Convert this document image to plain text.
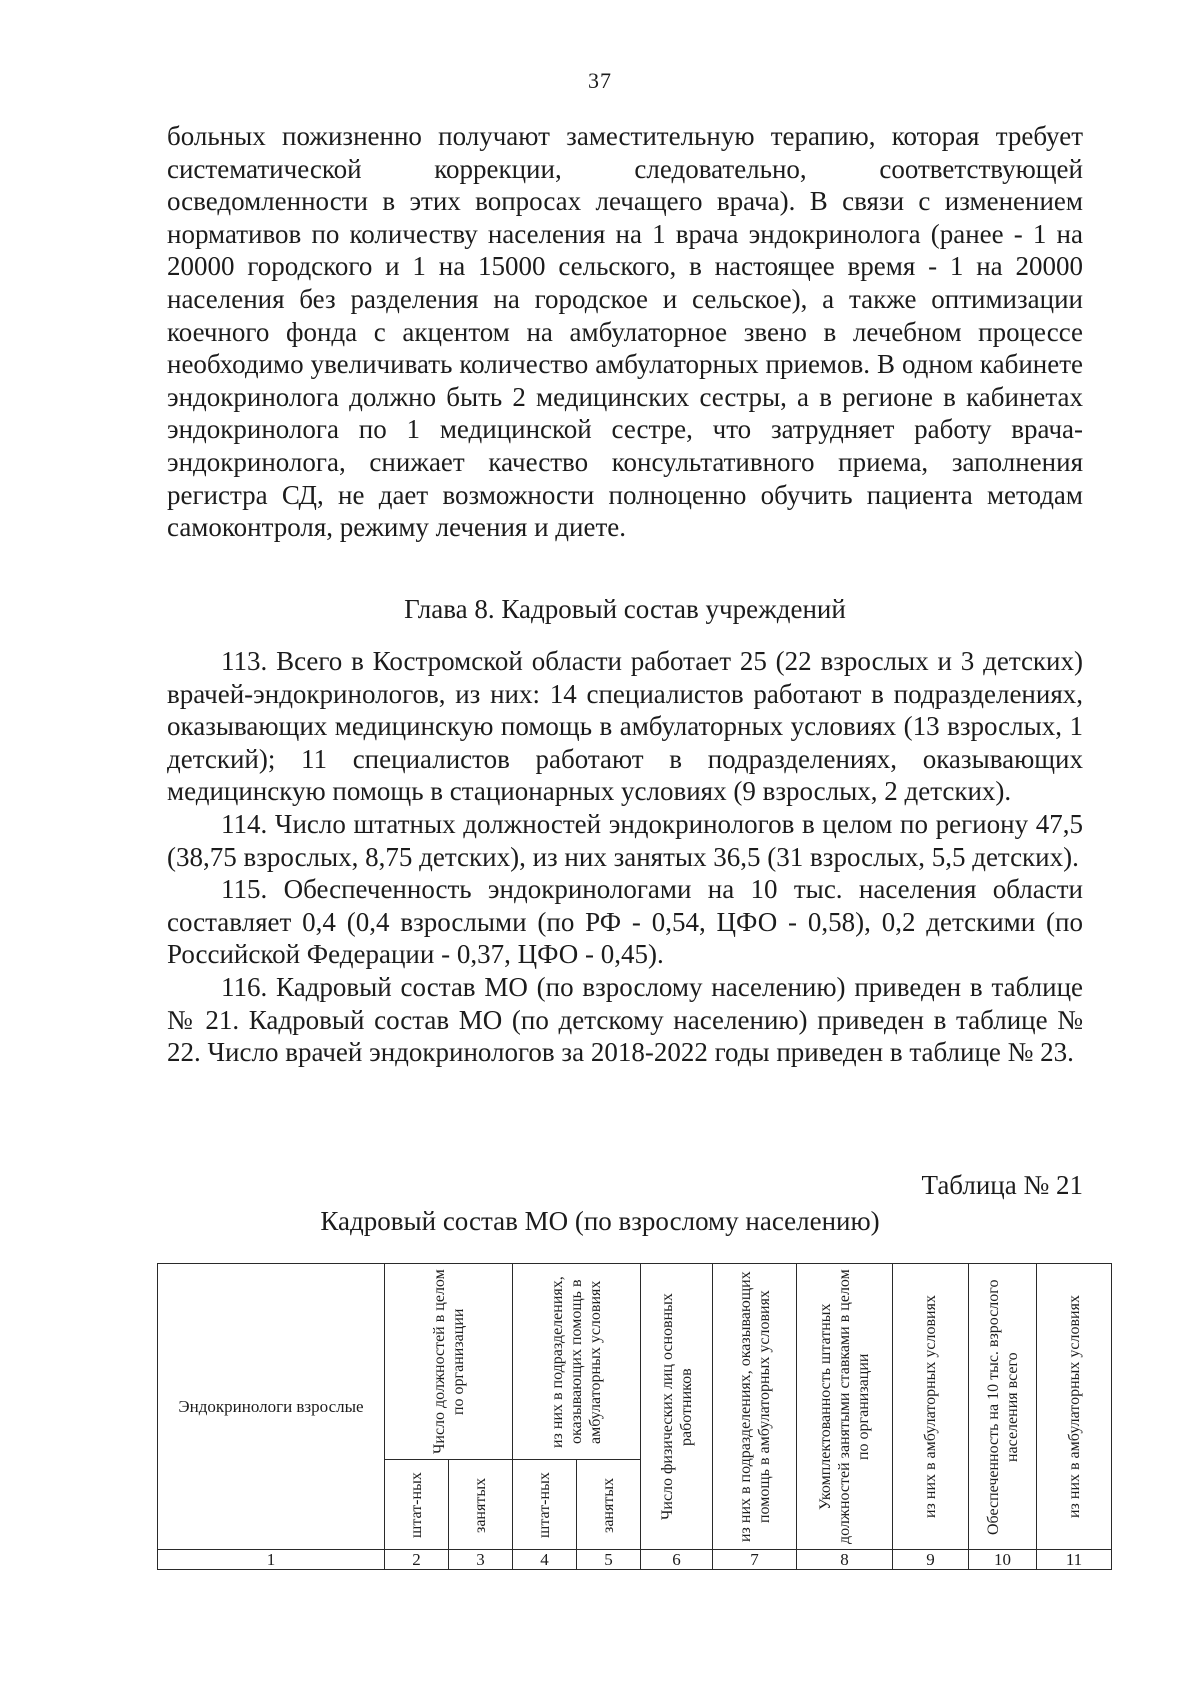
37

больных пожизненно получают заместительную терапию, которая требует систематической коррекции, следовательно, соответствующей осведомленности в этих вопросах лечащего врача). В связи с изменением нормативов по количеству населения на 1 врача эндокринолога (ранее - 1 на 20000 городского и 1 на 15000 сельского, в настоящее время - 1 на 20000 населения без разделения на городское и сельское), а также оптимизации коечного фонда с акцентом на амбулаторное звено в лечебном процессе необходимо увеличивать количество амбулаторных приемов. В одном кабинете эндокринолога должно быть 2 медицинских сестры, а в регионе в кабинетах эндокринолога по 1 медицинской сестре, что затрудняет работу врача-эндокринолога, снижает качество консультативного приема, заполнения регистра СД, не дает возможности полноценно обучить пациента методам самоконтроля, режиму лечения и диете.

Глава 8. Кадровый состав учреждений

113. Всего в Костромской области работает 25 (22 взрослых и 3 детских) врачей-эндокринологов, из них: 14 специалистов работают в подразделениях, оказывающих медицинскую помощь в амбулаторных условиях (13 взрослых, 1 детский); 11 специалистов работают в подразделениях, оказывающих медицинскую помощь в стационарных условиях (9 взрослых, 2 детских).

114. Число штатных должностей эндокринологов в целом по региону 47,5 (38,75 взрослых, 8,75 детских), из них занятых 36,5 (31 взрослых, 5,5 детских).

115. Обеспеченность эндокринологами на 10 тыс. населения области составляет 0,4 (0,4 взрослыми (по РФ - 0,54, ЦФО - 0,58), 0,2 детскими (по Российской Федерации - 0,37, ЦФО - 0,45).

116. Кадровый состав МО (по взрослому населению) приведен в таблице № 21. Кадровый состав МО (по детскому населению) приведен в таблице № 22. Число врачей эндокринологов за 2018-2022 годы приведен в таблице № 23.

Таблица № 21
Кадровый состав МО (по взрослому населению)
Эндокринологи взрослые	Число должностей в целом по организации		из них в подразделениях, оказывающих помощь в амбулаторных условиях		Число физических лиц основных работников	из них в подразделениях, оказывающих помощь в амбулаторных условиях	Укомплектованность штатных должностей занятыми ставками в целом по организации	из них в амбулаторных условиях	Обеспеченность на 10 тыс. взрослого населения всего	из них в амбулаторных условиях

	штат-ных	занятых	штат-ных	занятых						

1	2	3	4	5	6	7	8	9	10	11
